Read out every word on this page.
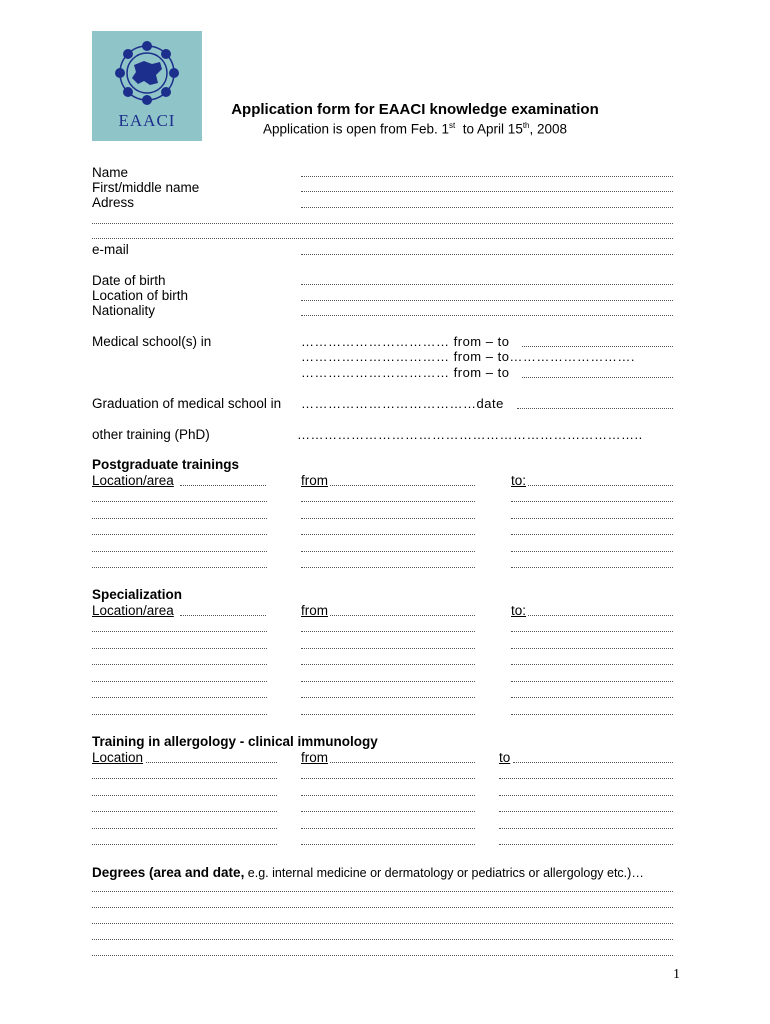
EAACI
Application form for EAACI knowledge examination
Application is open from Feb. 1st  to April 15th, 2008
Name
First/middle name
Adress
e-mail
Date of birth
Location of birth
Nationality
Medical school(s) in	…………………………… from – to
…………………………… from – to……………………….
…………………………… from – to
Graduation of medical school in …………………………………date
other training (PhD)	…………………………………………………………………..
Postgraduate trainings
Location/area	from	to:
Specialization
Location/area	from	to:
Training in allergology - clinical immunology
Location	from	to
Degrees (area and date, e.g. internal medicine or dermatology or pediatrics or allergology etc.)…
1
